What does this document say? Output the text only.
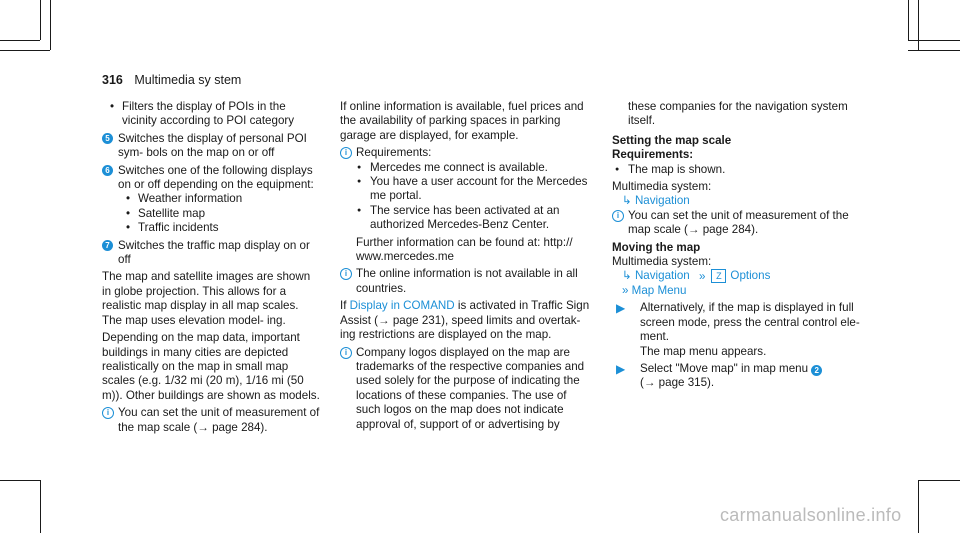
316 Multimedia sy stem

• Filters the display of POIs in the vicinity according to POI category

5 Switches the display of personal POI sym- bols on the map on or off

6 Switches one of the following displays on or off depending on the equipment:

• Weather information

• Satellite map

• Traffic incidents

7 Switches the traffic map display on or off

The map and satellite images are shown in globe projection. This allows for a realistic map display in all map scales. The map uses elevation model- ing.

Depending on the map data, important buildings in many cities are depicted realistically on the map in small map scales (e.g. 1/32 mi (20 m), 1/16 mi (50 m)). Other buildings are shown as models.

i You can set the unit of measurement of the map scale (→ page 284).

If online information is available, fuel prices and the availability of parking spaces in parking garage are displayed, for example.

i Requirements:

● Mercedes me connect is available.

● You have a user account for the Mercedes me portal.

● The service has been activated at an authorized Mercedes-Benz Center.

Further information can be found at: http:// www.mercedes.me

i The online information is not available in all countries.

If Display in COMAND is activated in Traffic Sign Assist (→ page 231), speed limits and overtak- ing restrictions are displayed on the map.

i Company logos displayed on the map are trademarks of the respective companies and used solely for the purpose of indicating the locations of these companies. The use of such logos on the map does not indicate approval of, support of or advertising by

these companies for the navigation system itself.

Setting the map scale

Requirements:

● The map is shown.

Multimedia system:

↳ Navigation

i You can set the unit of measurement of the map scale (→ page 284).

Moving the map

Multimedia system:

↳ Navigation » Z Options

» Map Menu

▶ Alternatively, if the map is displayed in full screen mode, press the central control ele- ment.

The map menu appears.

▶ Select "Move map" in map menu 2
(→ page 315).

carmanualsonline.info
